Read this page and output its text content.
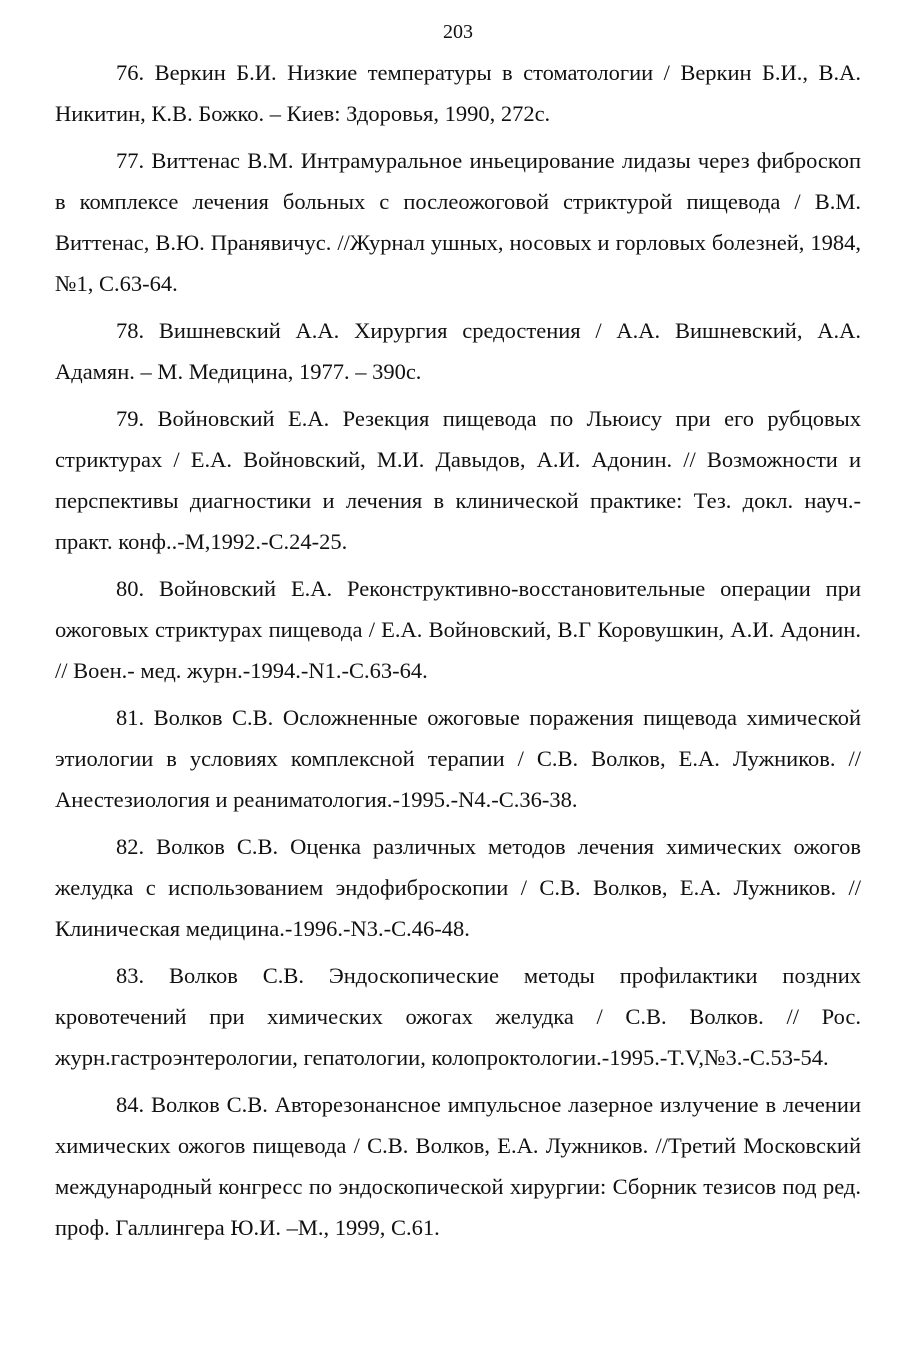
203

76. Веркин Б.И. Низкие температуры в стоматологии / Веркин Б.И., В.А. Никитин, К.В. Божко. – Киев: Здоровья, 1990, 272с.

77. Виттенас В.М. Интрамуральное иньецирование лидазы через фиброскоп в комплексе лечения больных с послеожоговой стриктурой пищевода / В.М. Виттенас, В.Ю. Пранявичус. //Журнал ушных, носовых и горловых болезней, 1984, №1, С.63-64.

78. Вишневский А.А. Хирургия средостения / А.А. Вишневский, А.А. Адамян. – М. Медицина, 1977. – 390с.

79. Войновский Е.А. Резекция пищевода по Льюису при его рубцовых стриктурах / Е.А. Войновский, М.И. Давыдов, А.И. Адонин. // Возможности и перспективы диагностики и лечения в клинической практике: Тез. докл. науч.-практ. конф..-М,1992.-С.24-25.

80. Войновский Е.А. Реконструктивно-восстановительные операции при ожоговых стриктурах пищевода / Е.А. Войновский, В.Г Коровушкин, А.И. Адонин. // Воен.- мед. журн.-1994.-N1.-С.63-64.

81. Волков С.В. Осложненные ожоговые поражения пищевода химической этиологии в условиях комплексной терапии / С.В. Волков, Е.А. Лужников. // Анестезиология и реаниматология.-1995.-N4.-С.36-38.

82. Волков С.В. Оценка различных методов лечения химических ожогов желудка с использованием эндофиброскопии / С.В. Волков, Е.А. Лужников. // Клиническая медицина.-1996.-N3.-С.46-48.

83. Волков С.В. Эндоскопические методы профилактики поздних кровотечений при химических ожогах желудка / С.В. Волков. // Рос. журн.гастроэнтерологии, гепатологии, колопроктологии.-1995.-T.V,№3.-С.53-54.

84. Волков С.В. Авторезонансное импульсное лазерное излучение в лечении химических ожогов пищевода / С.В. Волков, Е.А. Лужников. //Третий Московский международный конгресс по эндоскопической хирургии: Сборник тезисов под ред. проф. Галлингера Ю.И. –М., 1999, С.61.
